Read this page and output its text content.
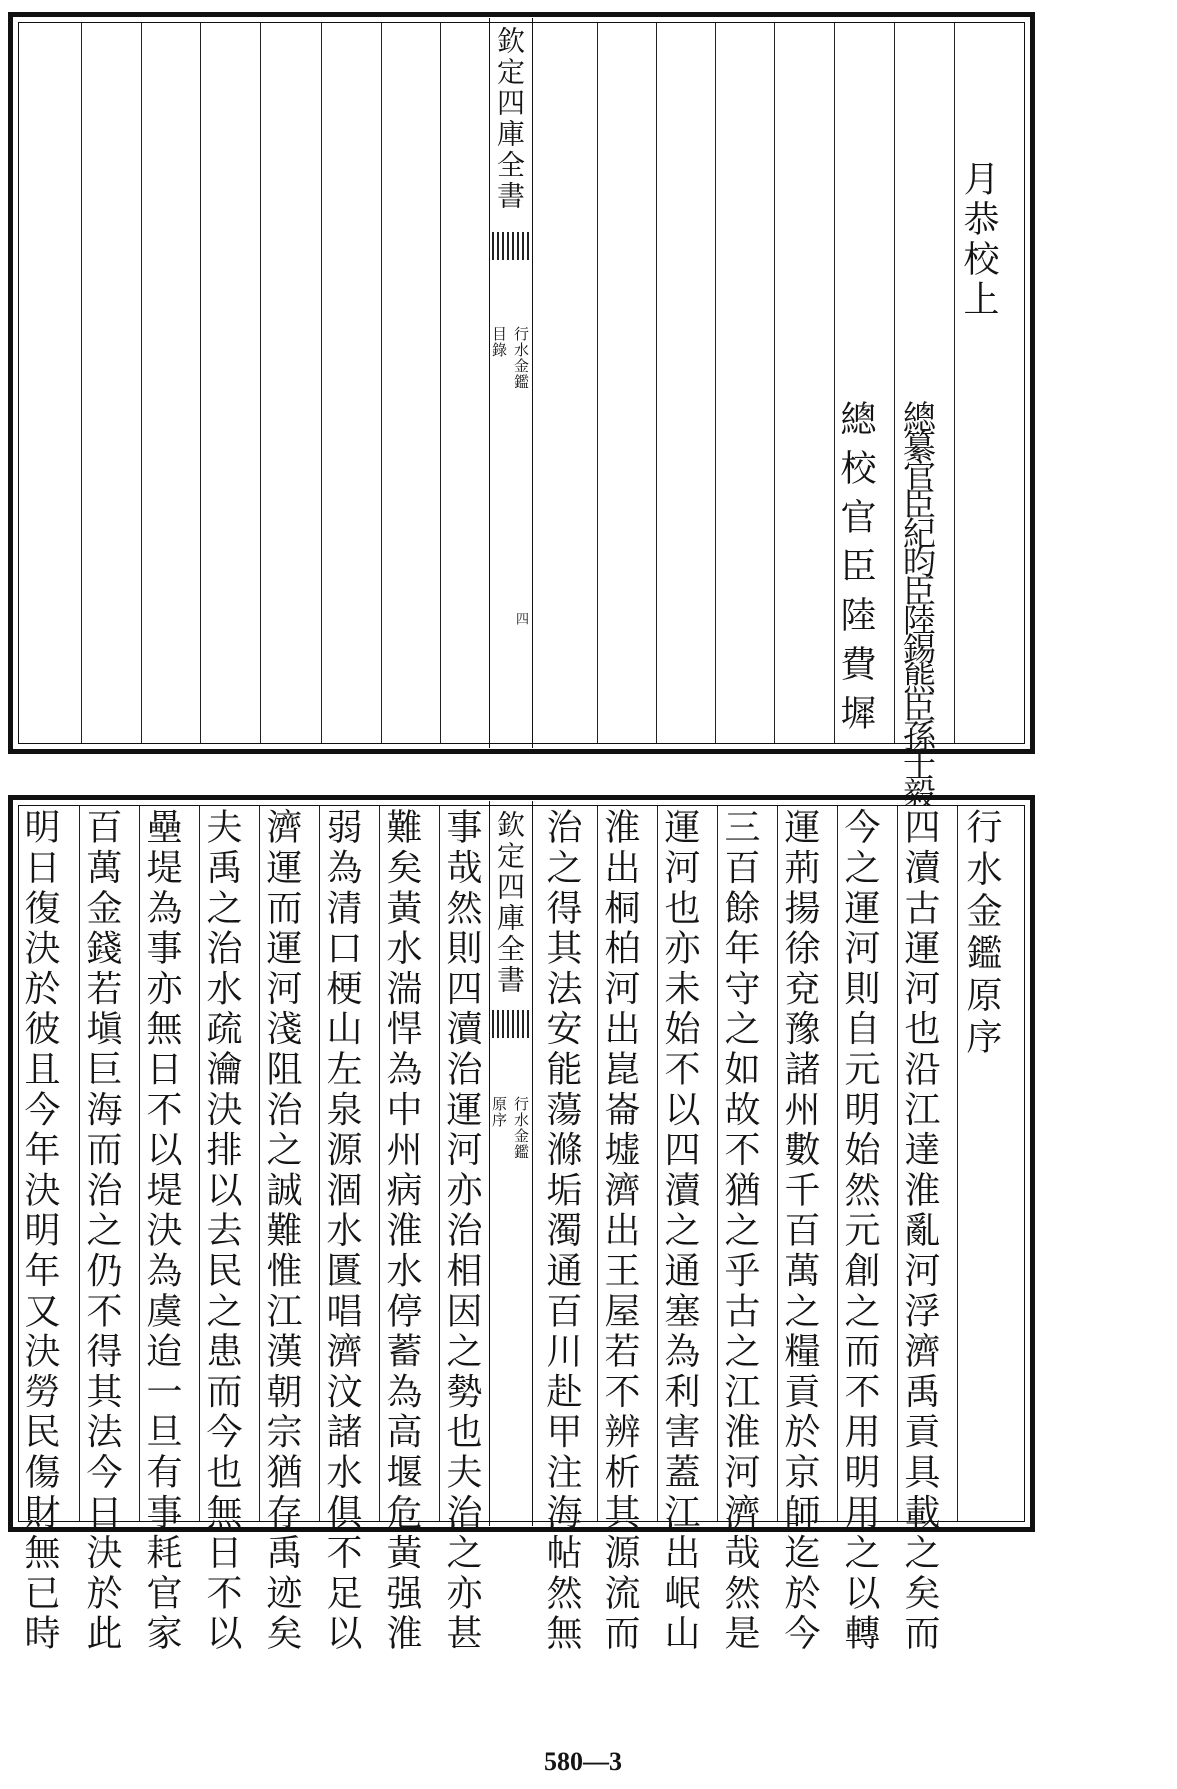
欽定四庫全書
行水金鑑
目錄
四
月恭校上
總纂官臣紀昀臣陸錫熊臣孫士毅
總校官臣陸費墀
欽定四庫全書
行水金鑑
原序
行水金鑑原序
四瀆古運河也沿江達淮亂河浮濟禹貢具載之矣而
今之運河則自元明始然元創之而不用明用之以轉
運荊揚徐兗豫諸州數千百萬之糧貢於京師迄於今
三百餘年守之如故不猶之乎古之江淮河濟哉然是
運河也亦未始不以四瀆之通塞為利害蓋江出岷山
淮出桐柏河出崑崙墟濟出王屋若不辨析其源流而
治之得其法安能蕩滌垢濁通百川赴甲注海帖然無
事哉然則四瀆治運河亦治相因之勢也夫治之亦甚
難矣黃水湍悍為中州病淮水停蓄為高堰危黃强淮
弱為清口梗山左泉源涸水匱唱濟汶諸水俱不足以
濟運而運河淺阻治之誠難惟江漢朝宗猶存禹迹矣
夫禹之治水疏瀹決排以去民之患而今也無日不以
壘堤為事亦無日不以堤決為虞迨一旦有事耗官家
百萬金錢若塡巨海而治之仍不得其法今日決於此
明日復決於彼且今年決明年又決勞民傷財無已時
580—3
